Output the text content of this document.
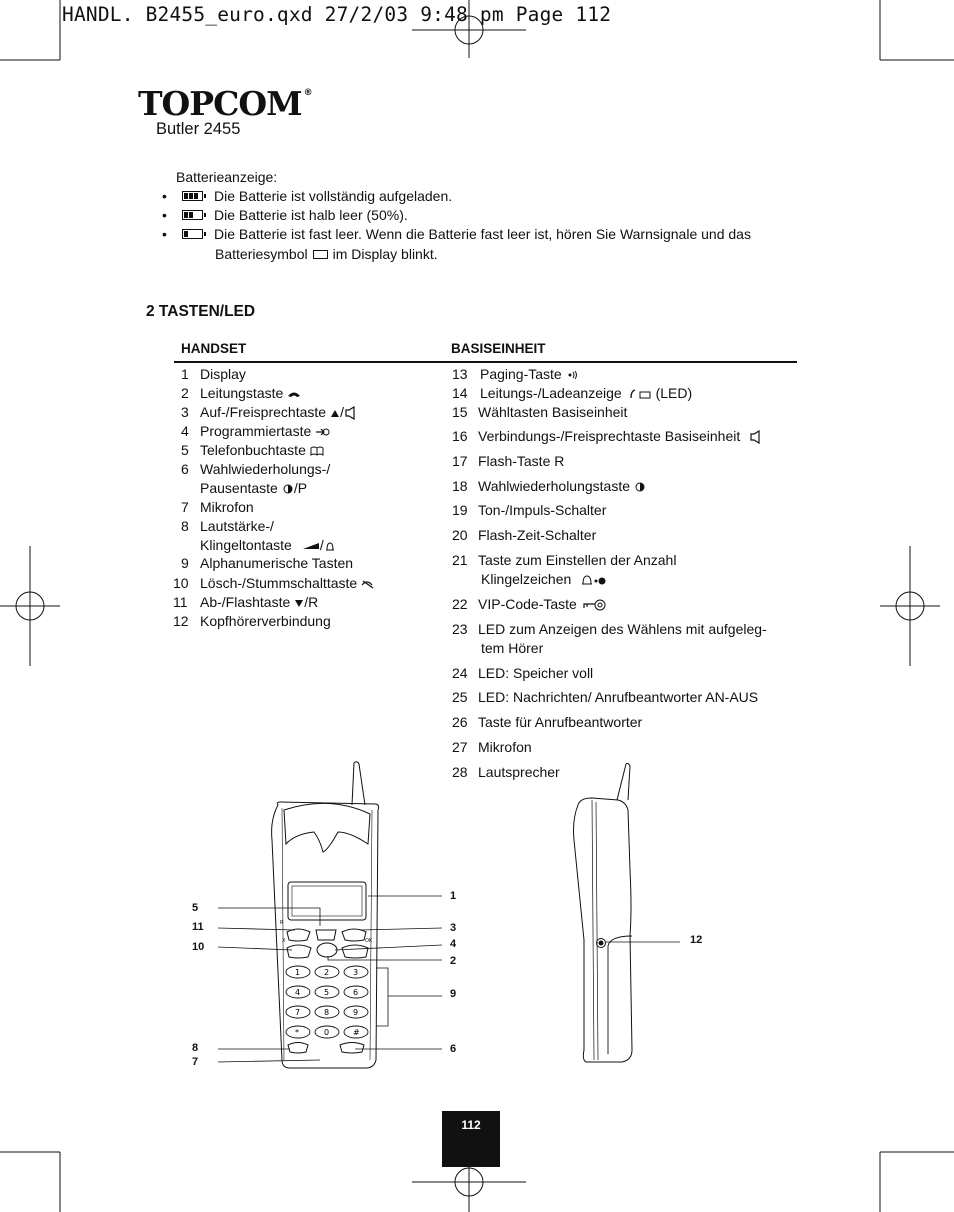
HANDL. B2455_euro.qxd 27/2/03 9:48 pm Page 112
TOPCOM ®
Butler 2455
Batterieanzeige:
•	Die Batterie ist vollständig aufgeladen.
•	Die Batterie ist halb leer (50%).
•	Die Batterie ist fast leer. Wenn die Batterie fast leer ist, hören Sie Warnsignale und das
Batteriesymbol im Display blinkt.
2 TASTEN/LED
HANDSET	BASISEINHEIT
1 Display
2 Leitungstaste
3 Auf-/Freisprechtaste /
4 Programmiertaste
5 Telefonbuchtaste
6 Wahlwiederholungs-/
Pausentaste /P
7 Mikrofon
8 Lautstärke-/
Klingeltontaste /
9 Alphanumerische Tasten
10 Lösch-/Stummschalttaste
11 Ab-/Flashtaste /R
12 Kopfhörerverbindung
13 Paging-Taste
14 Leitungs-/Ladeanzeige (LED)
15 Wähltasten Basiseinheit
16 Verbindungs-/Freisprechtaste Basiseinheit
17 Flash-Taste R
18 Wahlwiederholungstaste
19 Ton-/Impuls-Schalter
20 Flash-Zeit-Schalter
21 Taste zum Einstellen der Anzahl
Klingelzeichen
22 VIP-Code-Taste
23 LED zum Anzeigen des Wählens mit aufgeleg-
tem Hörer
24 LED: Speicher voll
25 LED: Nachrichten/ Anrufbeantworter AN-AUS
26 Taste für Anrufbeantworter
27 Mikrofon
28 Lautsprecher
1	2	3
4	5	6
7	8	9
*	0	#
R
X	OK
5
11
10
8
7
1
3
4
2
9
6
12
112
